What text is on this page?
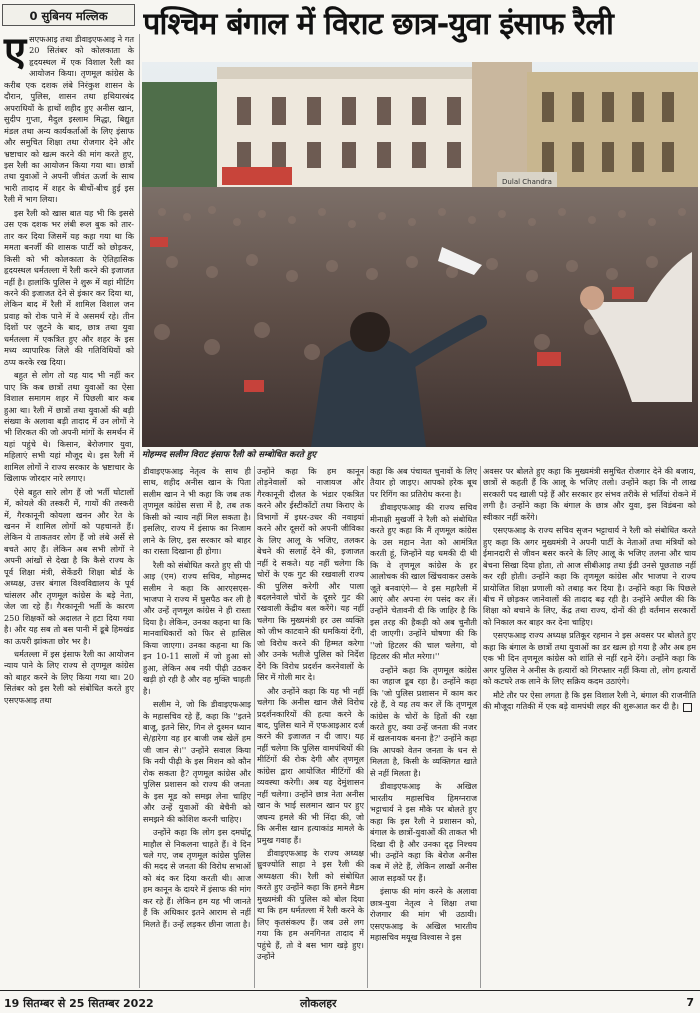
0 सुबिनय मल्लिक	पश्चिम बंगाल में विराट छात्र-युवा इंसाफ रैली
Dulal Chandra
मोहम्मद सलीम विराट इंसाफ रैली को सम्बोधित करते हुए

एसएफआइ तथा डीवाइएफआइ ने गत 20 सितंबर को कोलकाता के हृदयस्थल में एक विशाल रैली का आयोजन किया। तृणमूल कांग्रेस के करीब एक दशक लंबे निरंकुश शासन के दौरान, पुलिस, शासन तथा हथियारबंद अपराधियों के हाथों शहीद हुए अनीस खान, सुदीप गुप्ता, मैदुल इस्लाम मिद्धा, बिद्युत मंडल तथा अन्य कार्यकर्ताओं के लिए इंसाफ और समुचित शिक्षा तथा रोजगार देने और भ्रष्टाचार को खत्म करने की मांग करते हुए, इस रैली का आयोजन किया गया था। छात्रों तथा युवाओं ने अपनी जीवंत ऊर्जा के साथ भारी तादाद में शहर के बीचों-बीच हुई इस रैली में भाग लिया।

इस रैली को खास बात यह भी कि इससे उस एक दशक भर लंबी रूल बुक को तार-तार कर दिया जिसमें यह कहा गया था कि ममता बनर्जी की शासक पार्टी को छोड़कर, किसी को भी कोलकाता के ऐतिहासिक हृदयस्थल धर्मतल्ला में रैली करने की इजाजत नहीं है। हालांकि पुलिस ने शुरू में वहां मीटिंग करने की इजाजत देने से इंकार कर दिया था, लेकिन बाद में रैली में शामिल विशाल जन प्रवाह को रोक पाने में वे असमर्थ रहे। तीन दिशों पर जुटने के बाद, छात्र तथा युवा धर्मतल्ला में एकत्रित हुए और शहर के इस मध्य व्यापारिक जिले की गतिविधियों को ठप्प करके रख दिया।

बहुत से लोग तो यह याद भी नहीं कर पाए कि कब छात्रों तथा युवाओं का ऐसा विशाल समागम शहर में पिछली बार कब हुआ था। रैली में छात्रों तथा युवाओं की बड़ी संख्या के अलावा बड़ी तादाद में उन लोगों ने भी शिरकत की जो अपनी मांगों के समर्थन में यहां पहुंचे थे। किसान, बेरोजगार युवा, महिलाएं सभी यहां मौजूद थे। इस रैली में शामिल लोगों ने राज्य सरकार के भ्रष्टाचार के खिलाफ जोरदार नारे लगाए।

ऐसे बहुत सारे लोग हैं जो भर्ती घोटालों में, कोयले की तस्करी में, गायों की तस्करी में, गैरकानूनी कोयला खनन और रेत के खनन में शामिल लोगों को पहचानते हैं। लेकिन ये ताकतवर लोग हैं जो लंबे अर्से से बचते आए हैं। लेकिन अब सभी लोगों ने अपनी आंखों से देखा है कि कैसे राज्य के पूर्व शिक्षा मंत्री, सेकेंडरी शिक्षा बोर्ड के अध्यक्ष, उत्तर बंगाल विश्वविद्यालय के पूर्व चांसलर और तृणमूल कांग्रेस के बड़े नेता, जेल जा रहे हैं। गैरकानूनी भर्ती के कारण 250 शिक्षकों को अदालत ने हटा दिया गया है। और यह सब तो बस पानी में डूबे हिमखंड का ऊपरी झांकता छोर भर है।

धर्मतल्ला में इस इंसाफ रैली का आयोजन न्याय पाने के लिए राज्य से तृणमूल कांग्रेस को बाहर करने के लिए किया गया था। 20 सितंबर को इस रैली को संबोधित करते हुए एसएफआइ तथा

डीवाइएफआइ नेतृत्व के साथ ही साथ, शहीद अनीस खान के पिता सलीम खान ने भी कहा कि जब तक तृणमूल कांग्रेस सत्ता में है, तब तक किसी को न्याय नहीं मिल सकता है। इसलिए, राज्य में इंसाफ का निजाम लाने के लिए, इस सरकार को बाहर का रास्ता दिखाना ही होगा।

रैली को संबोधित करते हुए सी पी आइ (एम) राज्य सचिव, मोहम्मद सलीम ने कहा कि आरएसएस-भाजपा ने राज्य में घुसपैठ कर ली है और उन्हें तृणमूल कांग्रेस ने ही रास्ता दिया है। लेकिन, उनका कहना था कि मानवाधिकारों को फिर से हासिल किया जाएगा। उनका कहना था कि इन 10-11 सालों में जो हुआ सो हुआ, लेकिन अब नयी पीढ़ी उठकर खड़ी हो रही है और वह मुक्ति चाहती है।

सलीम ने, जो कि डीवाइएफआइ के महासचिव रहे हैं, कहा कि ''इतने बाजू, इतने सिर, गिन ले दुश्मन ध्यान से/हारेगा वह हर बाजी जब खेलें हम जी जान से।'' उन्होंने सवाल किया कि नयी पीढ़ी के इस मिशन को कौन रोक सकता है? तृणमूल कांग्रेस और पुलिस प्रशासन को राज्य की जनता के इस मूड को समझ लेना चाहिए और उन्हें युवाओं की बेचैनी को समझने की कोशिश करनी चाहिए।

उन्होंने कहा कि लोग इस दमघोंटू माहौल से निकलना चाहते हैं। वे दिन चले गए, जब तृणमूल कांग्रेस पुलिस की मदद से जनता की विरोध सभाओं को बंद कर दिया करती थी। आज हम कानून के दायरे में इंसाफ की मांग कर रहे हैं। लेकिन हम यह भी जानते हैं कि अधिकार इतने आराम से नहीं मिलते हैं। उन्हें लड़कर छीना जाता है।

उन्होंने कहा कि हम कानून तोड़नेवालों को नाजायज और गैरकानूनी दौलत के भंडार एकत्रित करने और ईस्टीकाँटों तथा किराए के विभागों में इधर-उधर की नवाइयां करने और दूसरों को अपनी जीविका के लिए आलू के भजिए, तलकर बेचने की सलाहें देने की, इजाजत नहीं दे सकते। यह नहीं चलेगा कि चोरों के एक गुट की रखवाली राज्य की पुलिस करेगी और पाला बदलनेवाले चोरों के दूसरे गुट की रखवाली केंद्रीय बल करेंगे। यह नहीं चलेगा कि मुख्यमंत्री हर उस व्यक्ति को जीभ काटवाने की धमकियां देंगी, जो विरोध करने की हिम्मत करेगा और उनके भतीजे पुलिस को निर्देश देंगे कि विरोध प्रदर्शन करनेवालों के सिर में गोली मार दे।

और उन्होंने कहा कि यह भी नहीं चलेगा कि अनीस खान जैसे विरोध प्रदर्शनकारियों की हत्या करने के बाद, पुलिस थाने में एफआइआर दर्ज करने की इजाजत न दी जाए। यह नहीं चलेगा कि पुलिस वामपंथियों की मीटिंगों की रोक देगी और तृणमूल कांग्रेस द्वारा आयोजित मीटिंगों की व्यवस्था करेगी। अब यह देमुंशासन नहीं चलेगा। उन्होंने छात्र नेता अनीस खान के भाई सलमान खान पर हुए जघन्य हमले की भी निंदा की, जो कि अनीस खान हत्याकांड मामले के प्रमुख गवाह हैं।

डीवाइएफआइ के राज्य अध्यक्ष ध्रुवज्योति साहा ने इस रैली की अध्यक्षता की। रैली को संबोधित करते हुए उन्होंने कहा कि हमने मैडम मुख्यमंत्री की पुलिस को बोल दिया था कि हम धर्मतल्ला में रैली करने के लिए कृतसंकल्प हैं। जब उसे लग गया कि हम अनगिनत तादाद में पहुंचे हैं, तो वे बस भाग खड़े हुए। उन्होंने

कहा कि अब पंचायत चुनावों के लिए तैयार हो जाइए। आपको हरेक बूथ पर रिगिंग का प्रतिरोध करना है।

डीवाइएफआइ की राज्य सचिव मीनाक्षी मुखर्जी ने रैली को संबोधित करते हुए कहा कि मैं तृणमूल कांग्रेस के उस महान नेता को आमंत्रित करती हूं, जिन्होंने यह धमकी दी थी कि वे तृणमूल कांग्रेस के हर आलोचक की खाल खिंचवाकर उसके जूते बनवाएंगे— वे इस महारैली में आएं और अपना रंग पसंद कर लें। उन्होंने चेतावनी दी कि जाहिर है कि इस तरह की हैकड़ी को अब चुनौती दी जाएगी। उन्होंने घोषणा की कि ''जो हिटलर की चाल चलेगा, वो हिटलर की मौत मरेगा।''

उन्होंने कहा कि तृणमूल कांग्रेस का जहाज डूब रहा है। उन्होंने कहा कि 'जो पुलिस प्रशासन में काम कर रहे हैं, वे यह तय कर लें कि तृणमूल कांग्रेस के चोरों के हितों की रक्षा करते हुए, क्या उन्हें जनता की नजर में खलनायक बनना है?' उन्होंने कहा कि आपको वेतन जनता के धन से मिलता है, किसी के व्यक्तिगत खाते से नहीं मिलता है।

डीवाइएफआइ के अखिल भारतीय महासचिव हिमग्नराज भट्टाचार्य ने इस मौके पर बोलते हुए कहा कि इस रैली ने प्रशासन को, बंगाल के छात्रों-युवाओं की ताकत भी दिखा दी है और उनका दृढ़ निश्चय भी। उन्होंने कहा कि बेरोज अनीस कब में लेटे हैं, लेकिन लाखों अनीस आज सड़कों पर हैं।

इंसाफ की मांग करने के अलावा छात्र-युवा नेतृत्व ने शिक्षा तथा रोजगार की मांग भी उठायी। एसएफआइ के अखिल भारतीय महासचिव मयूख विश्वास ने इस

अवसर पर बोलते हुए कहा कि मुख्यमंत्री समुचित रोजगार देने की बजाय, छात्रों से कहती हैं कि आलू के भजिए तलो। उन्होंने कहा कि नौ लाख सरकारी पद खाली पड़े हैं और सरकार हर संभव तरीके से भर्तियां रोकने में लगी है। उन्होंने कहा कि बंगाल के छात्र और युवा, इस विडंबना को स्वीकार नहीं करेंगे।

एसएफआइ के राज्य सचिव सृजन भट्टाचार्य ने रैली को संबोधित करते हुए कहा कि अगर मुख्यमंत्री ने अपनी पार्टी के नेताओं तथा मंत्रियों को ईमानदारी से जीवन बसर करने के लिए आलू के भजिए तलना और चाय बेचना सिखा दिया होता, तो आज सीबीआइ तथा ईडी उनसे पूछताछ नहीं कर रही होती। उन्होंने कहा कि तृणमूल कांग्रेस और भाजपा ने राज्य प्रायोजित शिक्षा प्रणाली को तबाह कर दिया है। उन्होंने कहा कि पिछले बीच में छोड़कर जानेवालों की तादाद बढ़ रही है। उन्होंने अपील की कि शिक्षा को बचाने के लिए, केंद्र तथा राज्य, दोनों की ही वर्तमान सरकारों को निकाल कर बाहर कर देना चाहिए।

एसएफआइ राज्य अध्यक्ष प्रतिकूर रहमान ने इस अवसर पर बोलते हुए कहा कि बंगाल के छात्रों तथा युवाओं का डर खत्म हो गया है और अब हम एक भी दिन तृणमूल कांग्रेस को शांति से नहीं रहने देंगे। उन्होंने कहा कि अगर पुलिस ने अनीस के हत्यारों को गिरफ्तार नहीं किया तो, लोग हत्यारों को कटघरे तक लाने के लिए सक्रिय कदम उठाएंगे।

मौटे तौर पर ऐसा लगता है कि इस विशाल रैली ने, बंगाल की राजनीति की मौजूदा गतिकी में एक बड़े वामपंथी लहर की शुरूआत कर दी है।

19 सितम्बर से 25 सितम्बर 2022	लोकलहर	7
